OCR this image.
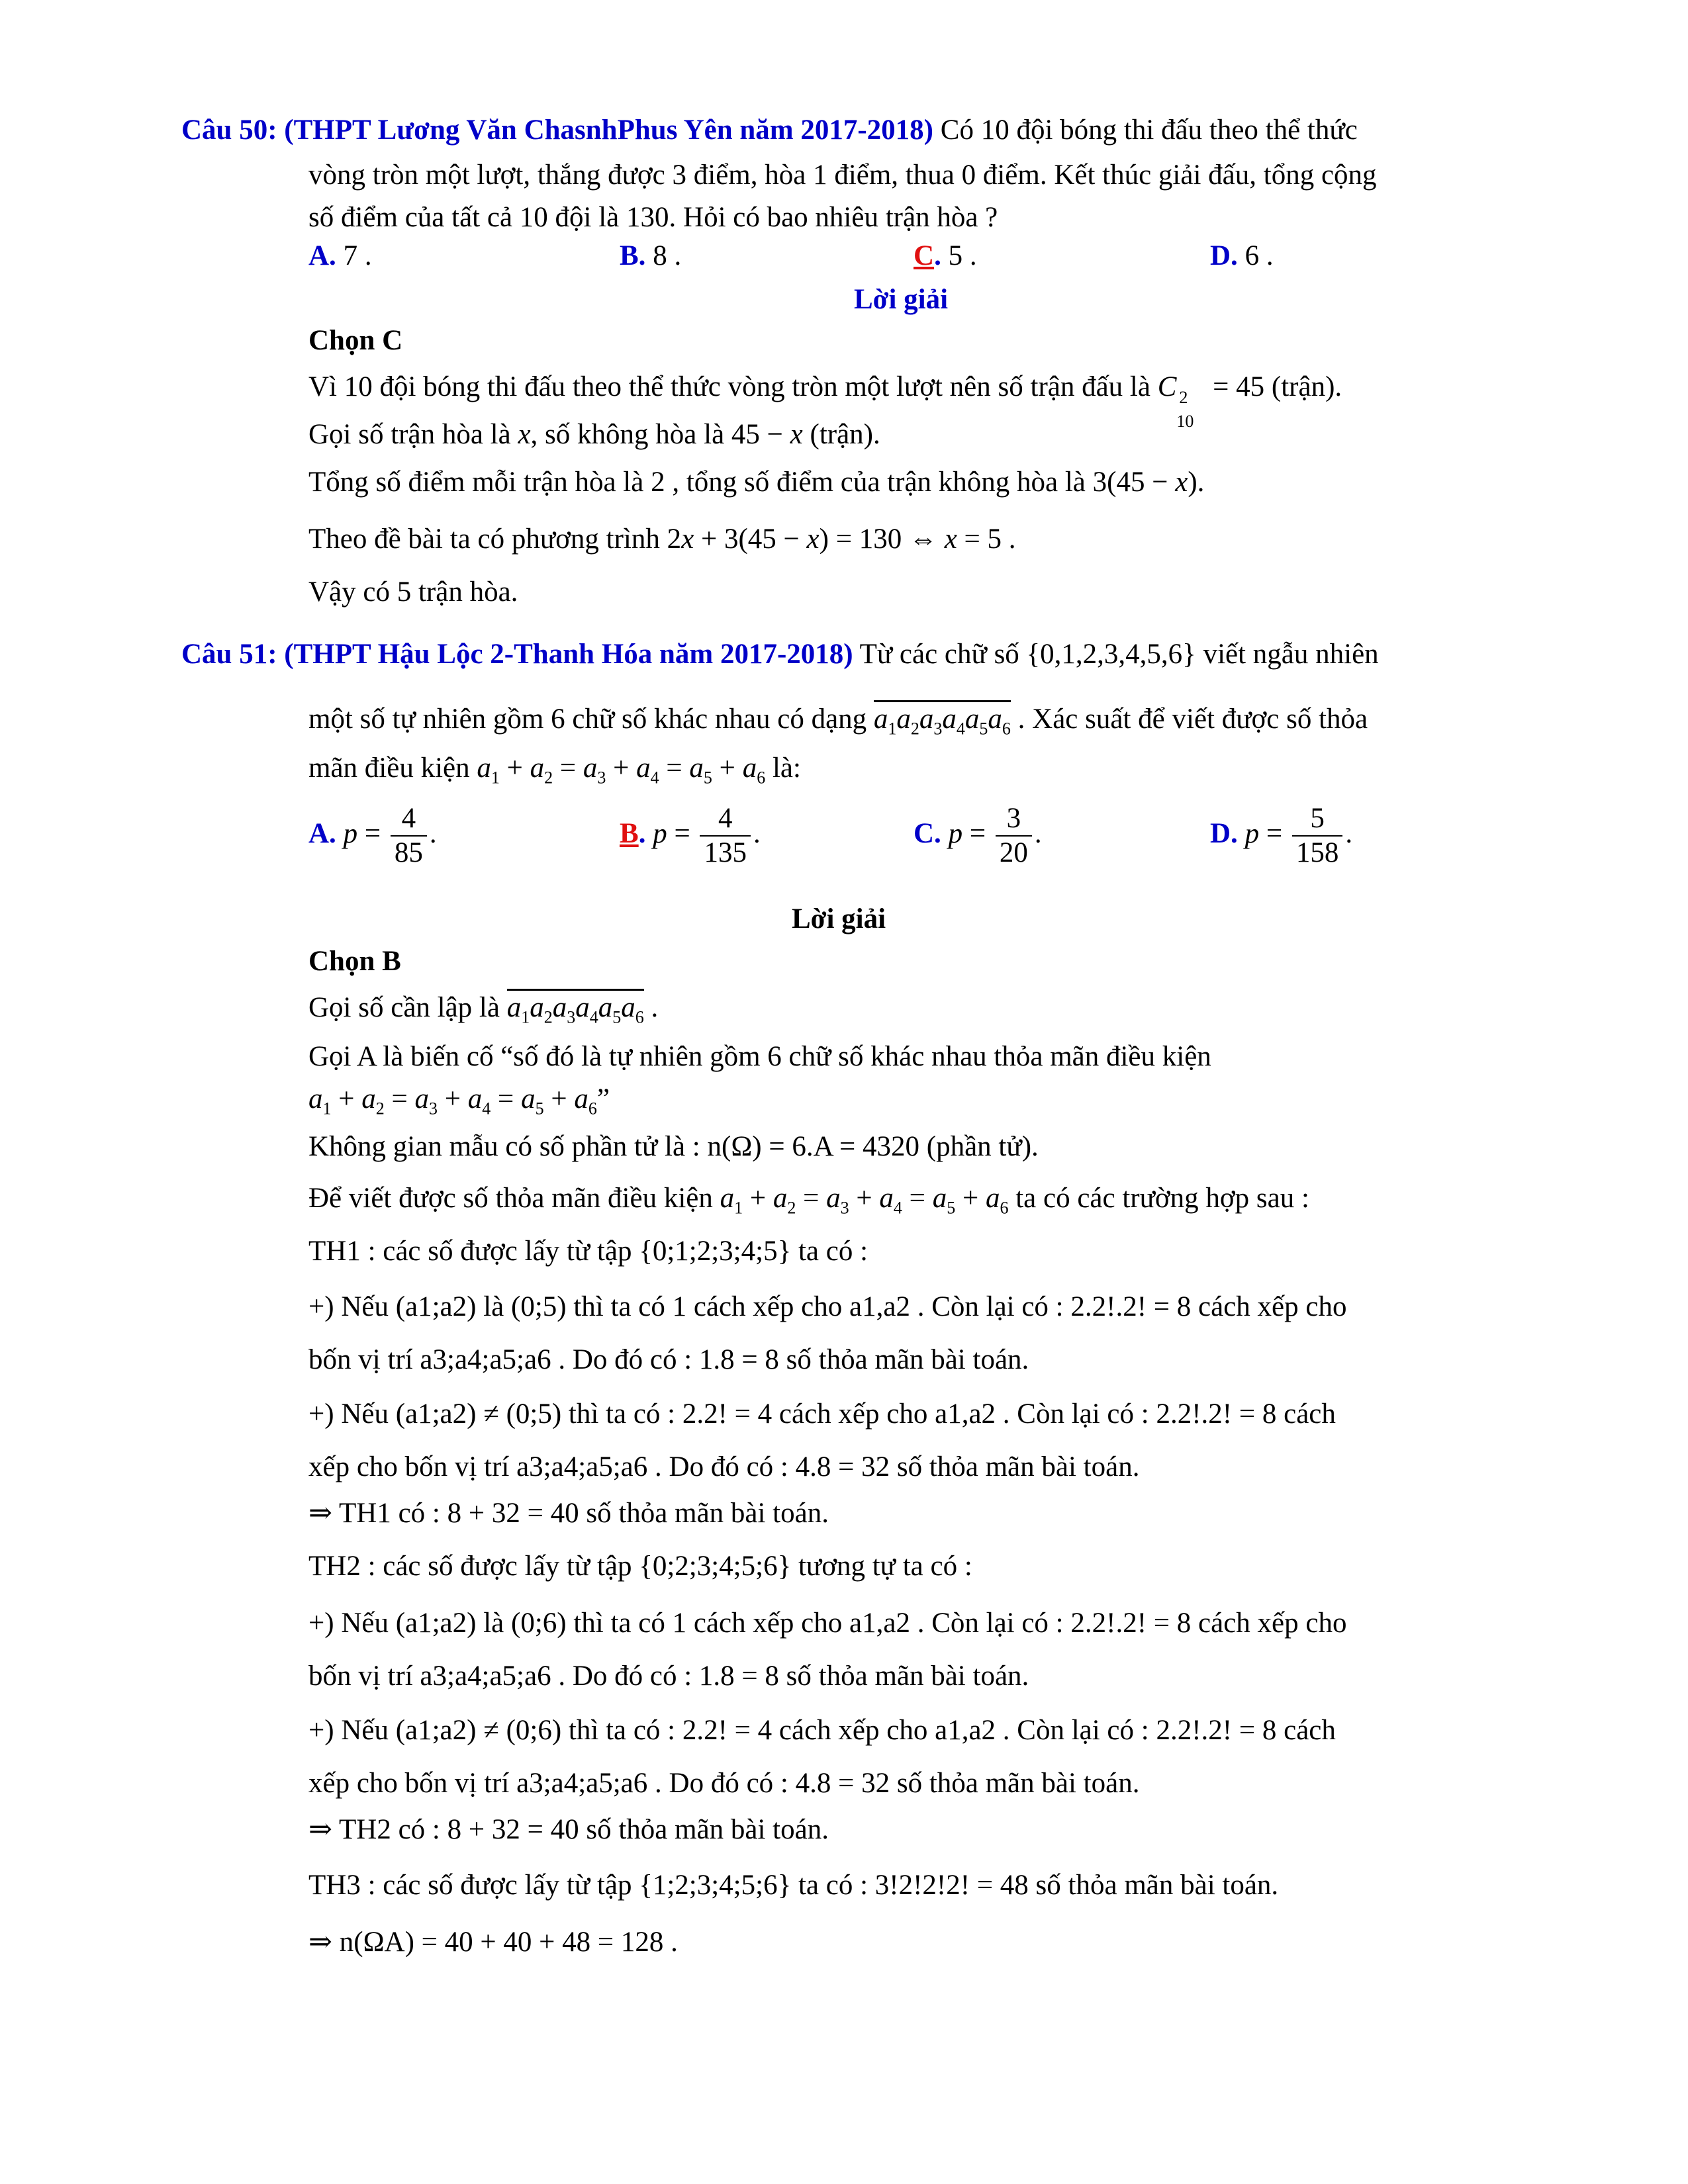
Câu 50: (THPT Lương Văn ChasnhPhus Yên năm 2017-2018) Có 10 đội bóng thi đấu theo thể thức
vòng tròn một lượt, thắng được 3 điểm, hòa 1 điểm, thua 0 điểm. Kết thúc giải đấu, tổng cộng
số điểm của tất cả 10 đội là 130. Hỏi có bao nhiêu trận hòa ?
A. 7 .	B. 8 .	C. 5 .	D. 6 .
Lời giải
Chọn C
Vì 10 đội bóng thi đấu theo thể thức vòng tròn một lượt nên số trận đấu là C 2
10
= 45 (trận).
Gọi số trận hòa là x, số không hòa là 45 − x (trận).
Tổng số điểm mỗi trận hòa là 2 , tổng số điểm của trận không hòa là 3(45 − x).
Theo đề bài ta có phương trình 2x + 3(45 − x) = 130 ⇔ x = 5 .
Vậy có 5 trận hòa.
Câu 51: (THPT Hậu Lộc 2-Thanh Hóa năm 2017-2018) Từ các chữ số {0,1,2,3,4,5,6} viết ngẫu nhiên
một số tự nhiên gồm 6 chữ số khác nhau có dạng $a_1a_2a_3a_4a_5a_6$ . Xác suất để viết được số thỏa
mãn điều kiện $a_1 + a_2 = a_3 + a_4 = a_5 + a_6$ là:
A. $p = \frac{4}{85}$ .	B. $p = \frac{4}{135}$ .	C. $p = \frac{3}{20}$ .	D. $p = \frac{5}{158}$ .
Lời giải
Chọn B
Gọi số cần lập là $a_1a_2a_3a_4a_5a_6$ .
Gọi A là biến cố “số đó là tự nhiên gồm 6 chữ số khác nhau thỏa mãn điều kiện
$a_1 + a_2 = a_3 + a_4 = a_5 + a_6$”
Không gian mẫu có số phần tử là : n(Ω) = 6.A = 4320 (phần tử).
Để viết được số thỏa mãn điều kiện $a_1 + a_2 = a_3 + a_4 = a_5 + a_6$ ta có các trường hợp sau :
TH1 : các số được lấy từ tập {0;1;2;3;4;5} ta có :
+) Nếu (a1;a2) là (0;5) thì ta có 1 cách xếp cho a1,a2 . Còn lại có : 2.2!.2! = 8 cách xếp cho
bốn vị trí a3;a4;a5;a6 . Do đó có : 1.8 = 8 số thỏa mãn bài toán.
+) Nếu (a1;a2) ≠ (0;5) thì ta có : 2.2! = 4 cách xếp cho a1,a2 . Còn lại có : 2.2!.2! = 8 cách
xếp cho bốn vị trí a3;a4;a5;a6 . Do đó có : 4.8 = 32 số thỏa mãn bài toán.
⇒ TH1 có : 8 + 32 = 40 số thỏa mãn bài toán.
TH2 : các số được lấy từ tập {0;2;3;4;5;6} tương tự ta có :
+) Nếu (a1;a2) là (0;6) thì ta có 1 cách xếp cho a1,a2 . Còn lại có : 2.2!.2! = 8 cách xếp cho
bốn vị trí a3;a4;a5;a6 . Do đó có : 1.8 = 8 số thỏa mãn bài toán.
+) Nếu (a1;a2) ≠ (0;6) thì ta có : 2.2! = 4 cách xếp cho a1,a2 . Còn lại có : 2.2!.2! = 8 cách
xếp cho bốn vị trí a3;a4;a5;a6 . Do đó có : 4.8 = 32 số thỏa mãn bài toán.
⇒ TH2 có : 8 + 32 = 40 số thỏa mãn bài toán.
TH3 : các số được lấy từ tập {1;2;3;4;5;6} ta có : 3!2!2!2! = 48 số thỏa mãn bài toán.
⇒ n(ΩA) = 40 + 40 + 48 = 128 .
